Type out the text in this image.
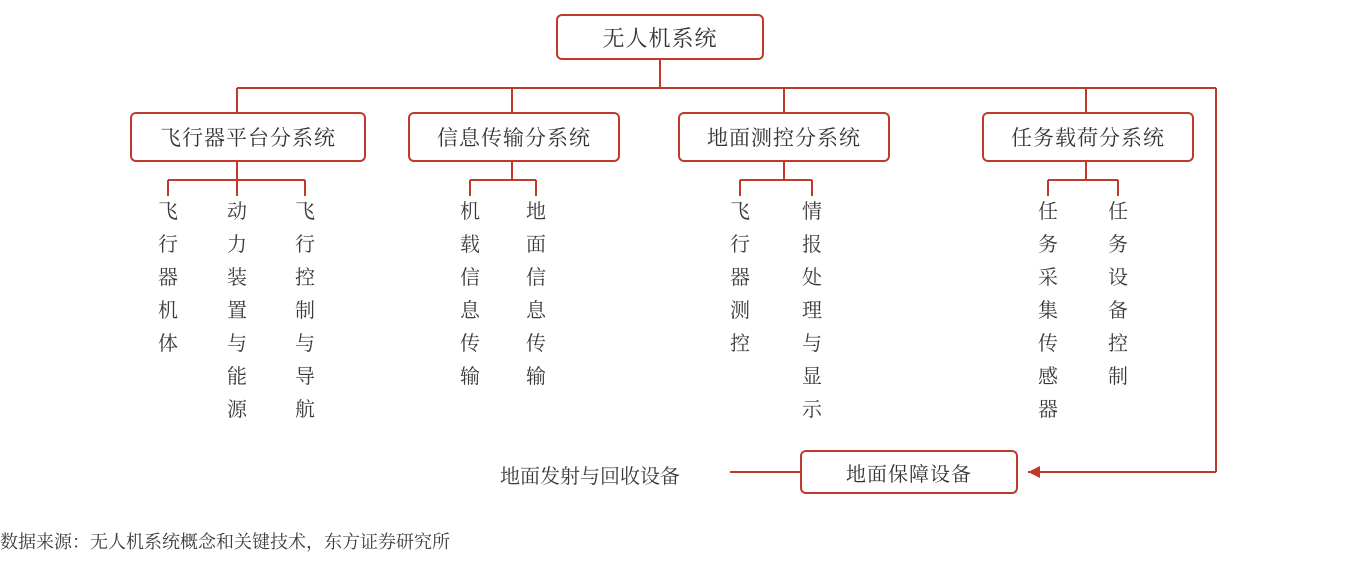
无人机系统
飞行器平台分系统	信息传输分系统	地面测控分系统	任务载荷分系统
飞行器机体
动力装置与能源
飞行控制与导航
机载信息传输
地面信息传输
飞行器测控
情报处理与显示
任务采集传感器
任务设备控制
地面发射与回收设备	地面保障设备
数据来源：无人机系统概念和关键技术，东方证券研究所
